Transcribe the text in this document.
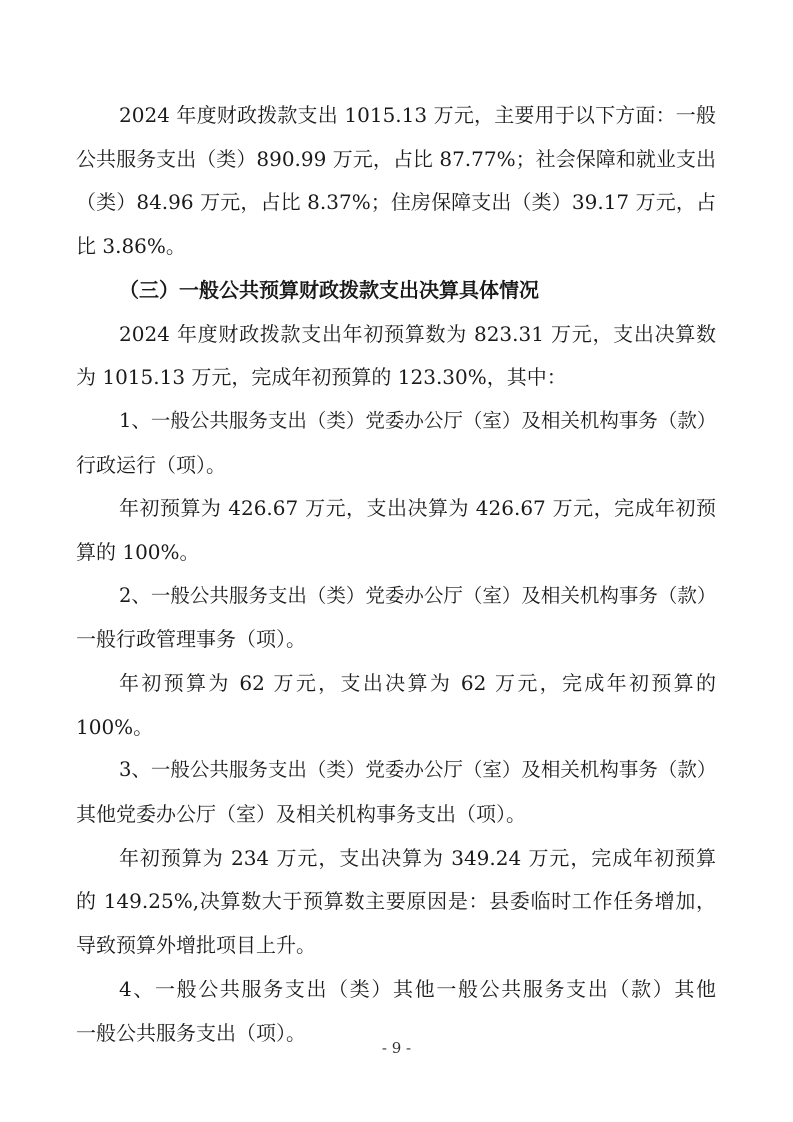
2024 年度财政拨款支出 1015.13 万元，主要用于以下方面：一般

公共服务支出（类）890.99 万元，占比 87.77%；社会保障和就业支出

（类）84.96 万元，占比 8.37%；住房保障支出（类）39.17 万元，占

比 3.86%。

（三）一般公共预算财政拨款支出决算具体情况

2024 年度财政拨款支出年初预算数为 823.31 万元，支出决算数

为 1015.13 万元，完成年初预算的 123.30%，其中：

1、一般公共服务支出（类）党委办公厅（室）及相关机构事务（款）

行政运行（项）。

年初预算为 426.67 万元，支出决算为 426.67 万元，完成年初预

算的 100%。

2、一般公共服务支出（类）党委办公厅（室）及相关机构事务（款）

一般行政管理事务（项）。

年初预算为 62 万元，支出决算为 62 万元，完成年初预算的

100%。

3、一般公共服务支出（类）党委办公厅（室）及相关机构事务（款）

其他党委办公厅（室）及相关机构事务支出（项）。

年初预算为 234 万元，支出决算为 349.24 万元，完成年初预算

的 149.25%,决算数大于预算数主要原因是：县委临时工作任务增加，

导致预算外增批项目上升。

4、一般公共服务支出（类）其他一般公共服务支出（款）其他

一般公共服务支出（项）。

- 9 -
